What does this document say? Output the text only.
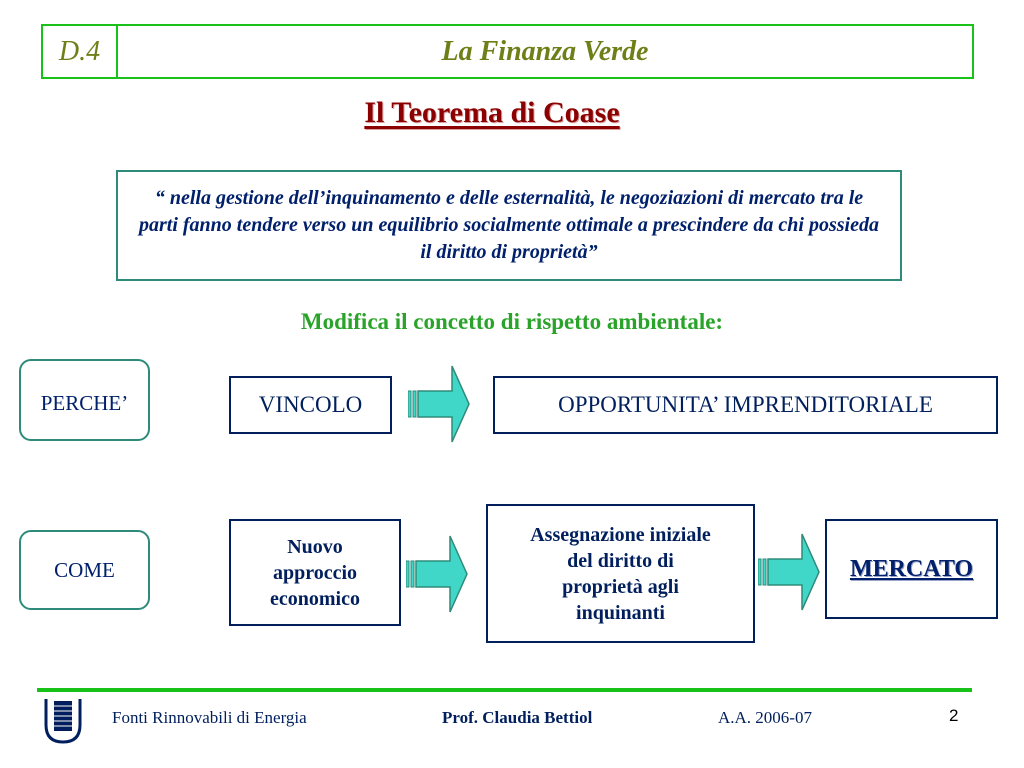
D.4	La Finanza Verde
Il Teorema di Coase
“ nella gestione dell’inquinamento e delle esternalità, le negoziazioni di mercato tra le parti fanno tendere verso un equilibrio socialmente ottimale a prescindere da chi possieda il diritto di proprietà”
Modifica il concetto di rispetto ambientale:
PERCHE’	VINCOLO	OPPORTUNITA’ IMPRENDITORIALE
COME
Nuovo
approccio
economico
Assegnazione iniziale
del diritto di
proprietà agli
inquinanti
MERCATO
Fonti Rinnovabili di Energia	Prof. Claudia Bettiol	A.A. 2006-07	2
